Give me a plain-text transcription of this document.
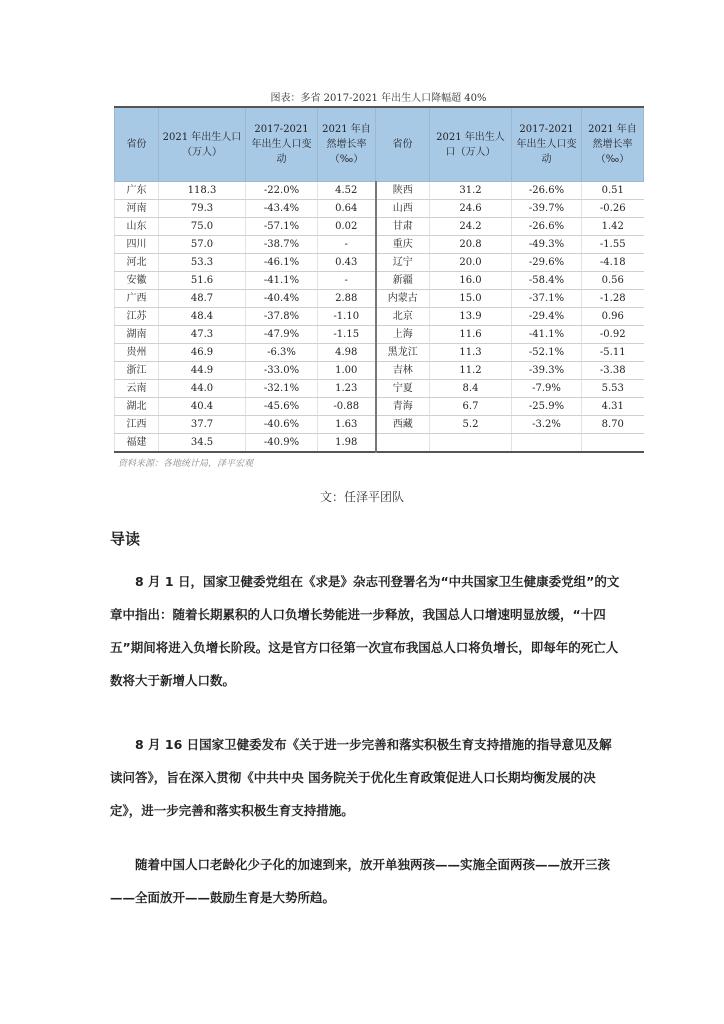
图表：多省 2017-2021 年出生人口降幅超 40%
省份	2021 年出生人口（万人）	2017-2021 年出生人口变动	2021 年自然增长率（‰）	省份	2021 年出生人口（万人）	2017-2021 年出生人口变动	2021 年自然增长率（‰）
广东	118.3	-22.0%	4.52	陕西	31.2	-26.6%	0.51
河南	79.3	-43.4%	0.64	山西	24.6	-39.7%	-0.26
山东	75.0	-57.1%	0.02	甘肃	24.2	-26.6%	1.42
四川	57.0	-38.7%	-	重庆	20.8	-49.3%	-1.55
河北	53.3	-46.1%	0.43	辽宁	20.0	-29.6%	-4.18
安徽	51.6	-41.1%	-	新疆	16.0	-58.4%	0.56
广西	48.7	-40.4%	2.88	内蒙古	15.0	-37.1%	-1.28
江苏	48.4	-37.8%	-1.10	北京	13.9	-29.4%	0.96
湖南	47.3	-47.9%	-1.15	上海	11.6	-41.1%	-0.92
贵州	46.9	-6.3%	4.98	黑龙江	11.3	-52.1%	-5.11
浙江	44.9	-33.0%	1.00	吉林	11.2	-39.3%	-3.38
云南	44.0	-32.1%	1.23	宁夏	8.4	-7.9%	5.53
湖北	40.4	-45.6%	-0.88	青海	6.7	-25.9%	4.31
江西	37.7	-40.6%	1.63	西藏	5.2	-3.2%	8.70
福建	34.5	-40.9%	1.98				
资料来源：各地统计局，泽平宏观
文：任泽平团队
导读

8 月 1 日，国家卫健委党组在《求是》杂志刊登署名为“中共国家卫生健康委党组”的文章中指出：随着长期累积的人口负增长势能进一步释放，我国总人口增速明显放缓，“十四五”期间将进入负增长阶段。这是官方口径第一次宣布我国总人口将负增长，即每年的死亡人数将大于新增人口数。

8 月 16 日国家卫健委发布《关于进一步完善和落实积极生育支持措施的指导意见及解读问答》，旨在深入贯彻《中共中央 国务院关于优化生育政策促进人口长期均衡发展的决定》，进一步完善和落实积极生育支持措施。

随着中国人口老龄化少子化的加速到来，放开单独两孩——实施全面两孩——放开三孩——全面放开——鼓励生育是大势所趋。
